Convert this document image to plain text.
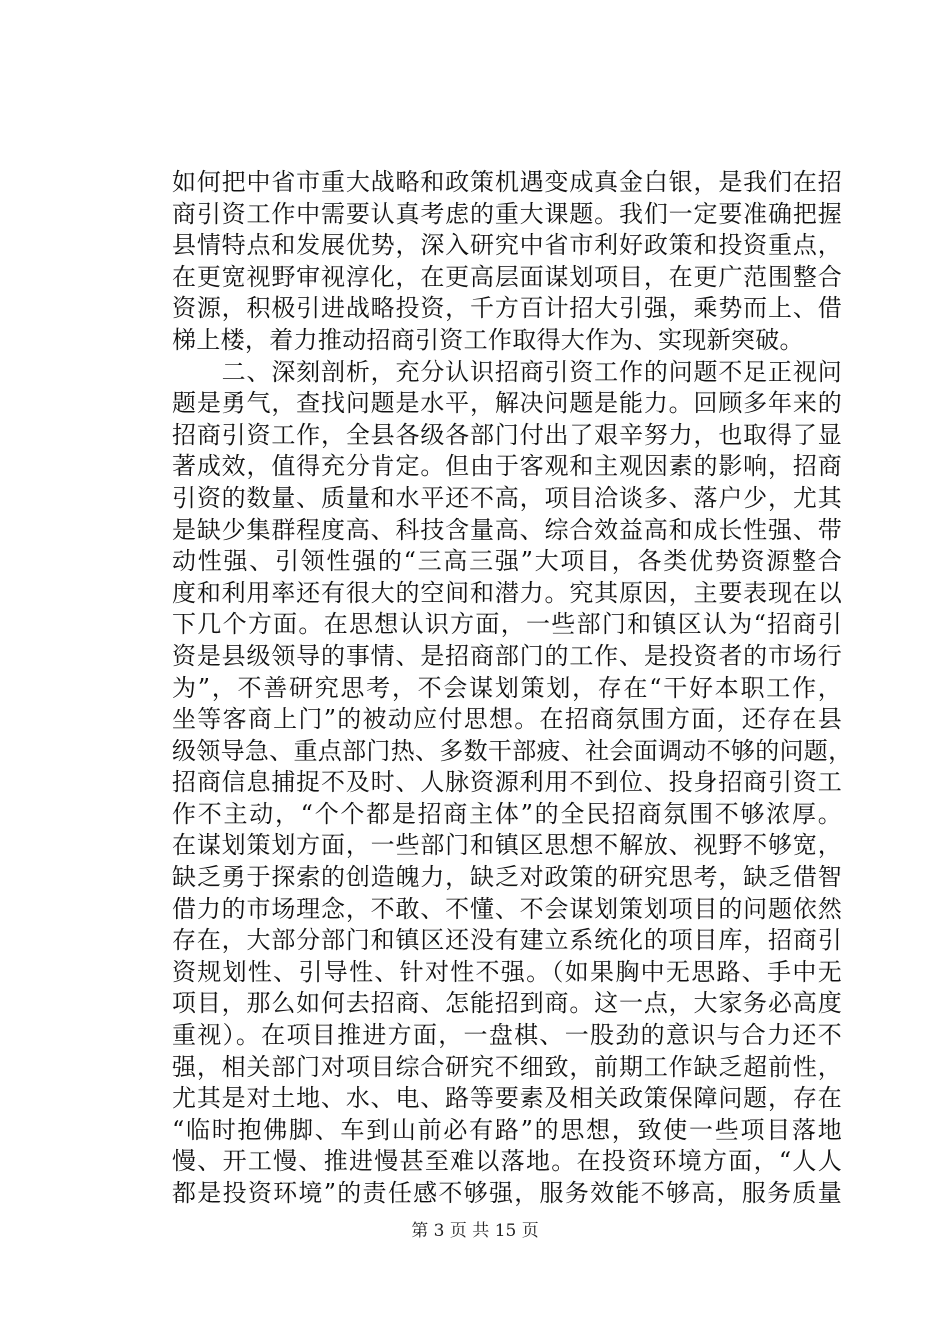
如何把中省市重大战略和政策机遇变成真金白银，是我们在招
商引资工作中需要认真考虑的重大课题。我们一定要准确把握
县情特点和发展优势，深入研究中省市利好政策和投资重点，
在更宽视野审视淳化，在更高层面谋划项目，在更广范围整合
资源，积极引进战略投资，千方百计招大引强，乘势而上、借
梯上楼，着力推动招商引资工作取得大作为、实现新突破。
　　二、深刻剖析，充分认识招商引资工作的问题不足正视问
题是勇气，查找问题是水平，解决问题是能力。回顾多年来的
招商引资工作，全县各级各部门付出了艰辛努力，也取得了显
著成效，值得充分肯定。但由于客观和主观因素的影响，招商
引资的数量、质量和水平还不高，项目洽谈多、落户少，尤其
是缺少集群程度高、科技含量高、综合效益高和成长性强、带
动性强、引领性强的“三高三强”大项目，各类优势资源整合
度和利用率还有很大的空间和潜力。究其原因，主要表现在以
下几个方面。在思想认识方面，一些部门和镇区认为“招商引
资是县级领导的事情、是招商部门的工作、是投资者的市场行
为”，不善研究思考，不会谋划策划，存在“干好本职工作，
坐等客商上门”的被动应付思想。在招商氛围方面，还存在县
级领导急、重点部门热、多数干部疲、社会面调动不够的问题，
招商信息捕捉不及时、人脉资源利用不到位、投身招商引资工
作不主动，“个个都是招商主体”的全民招商氛围不够浓厚。
在谋划策划方面，一些部门和镇区思想不解放、视野不够宽，
缺乏勇于探索的创造魄力，缺乏对政策的研究思考，缺乏借智
借力的市场理念，不敢、不懂、不会谋划策划项目的问题依然
存在，大部分部门和镇区还没有建立系统化的项目库，招商引
资规划性、引导性、针对性不强。（如果胸中无思路、手中无
项目，那么如何去招商、怎能招到商。这一点，大家务必高度
重视）。在项目推进方面，一盘棋、一股劲的意识与合力还不
强，相关部门对项目综合研究不细致，前期工作缺乏超前性，
尤其是对土地、水、电、路等要素及相关政策保障问题，存在
“临时抱佛脚、车到山前必有路”的思想，致使一些项目落地
慢、开工慢、推进慢甚至难以落地。在投资环境方面，“人人
都是投资环境”的责任感不够强，服务效能不够高，服务质量
第 3 页 共 15 页
